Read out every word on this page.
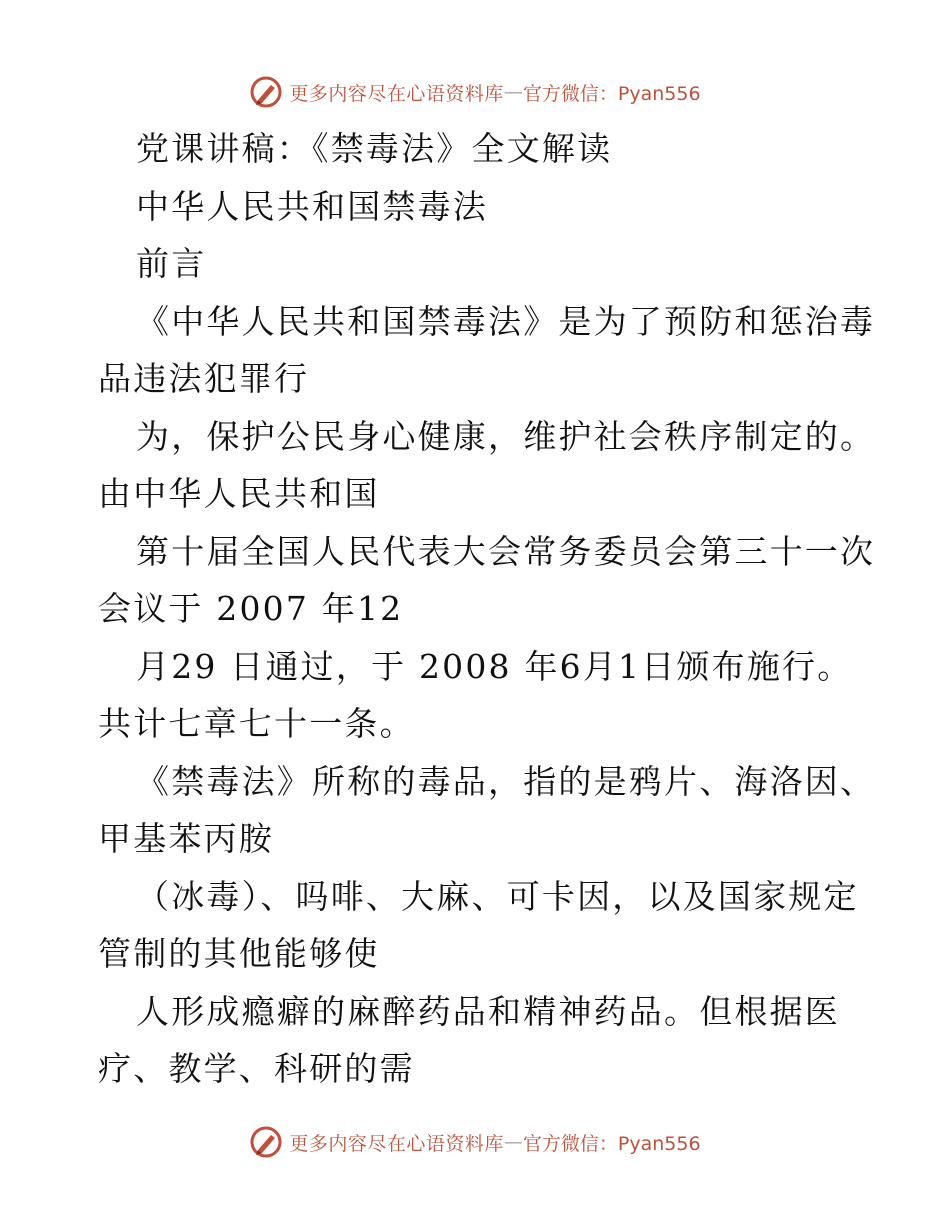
更多内容尽在心语资料库 — 官方微信：Pyan556
党课讲稿：《禁毒法》全文解读
中华人民共和国禁毒法
前言
《中华人民共和国禁毒法》是为了预防和惩治毒
品违法犯罪行
为，保护公民身心健康，维护社会秩序制定的。
由中华人民共和国
第十届全国人民代表大会常务委员会第三十一次
会议于 2007 年12
月29 日通过，于 2008 年6月1日颁布施行。
共计七章七十一条。
《禁毒法》所称的毒品，指的是鸦片、海洛因、
甲基苯丙胺
（冰毒）、吗啡、大麻、可卡因，以及国家规定
管制的其他能够使
人形成瘾癖的麻醉药品和精神药品。但根据医
疗、教学、科研的需
更多内容尽在心语资料库 — 官方微信：Pyan556
